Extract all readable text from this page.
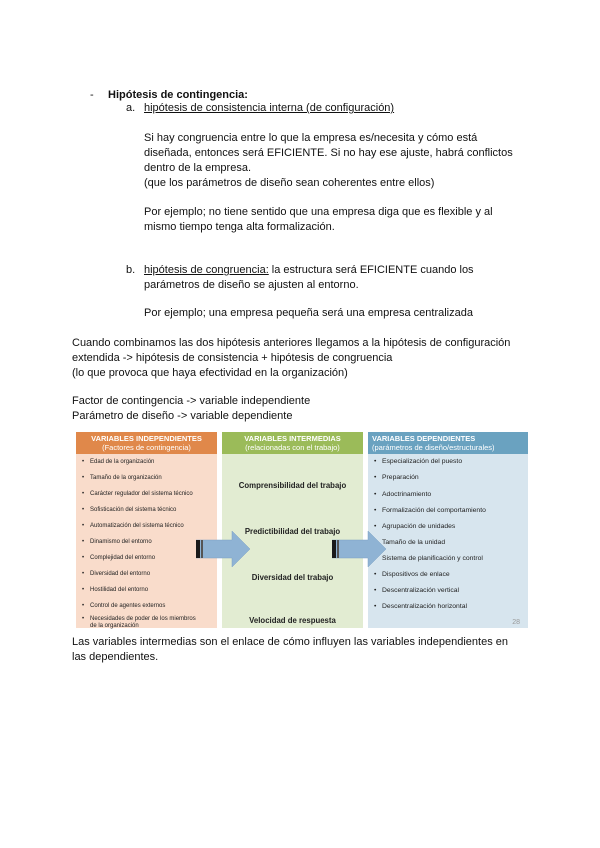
- Hipótesis de contingencia:
a. hipótesis de consistencia interna (de configuración)
Si hay congruencia entre lo que la empresa es/necesita y cómo está
diseñada, entonces será EFICIENTE. Si no hay ese ajuste, habrá conflictos
dentro de la empresa.
(que los parámetros de diseño sean coherentes entre ellos)
Por ejemplo; no tiene sentido que una empresa diga que es flexible y al
mismo tiempo tenga alta formalización.
b. hipótesis de congruencia: la estructura será EFICIENTE cuando los
parámetros de diseño se ajusten al entorno.
Por ejemplo; una empresa pequeña será una empresa centralizada
Cuando combinamos las dos hipótesis anteriores llegamos a la hipótesis de configuración
extendida -> hipótesis de consistencia + hipótesis de congruencia
(lo que provoca que haya efectividad en la organización)
Factor de contingencia -> variable independiente
Parámetro de diseño -> variable dependiente
VARIABLES INDEPENDIENTES
(Factores de contingencia)
• Edad de la organización
• Tamaño de la organización
• Carácter regulador del sistema técnico
• Sofisticación del sistema técnico
• Automatización del sistema técnico
• Dinamismo del entorno
• Complejidad del entorno
• Diversidad del entorno
• Hostilidad del entorno
• Control de agentes externos
• Necesidades de poder de los miembros
de la organización
VARIABLES INTERMEDIAS
(relacionadas con el trabajo)
Comprensibilidad del trabajo
Predictibilidad del trabajo
Diversidad del trabajo
Velocidad de respuesta
VARIABLES DEPENDIENTES
(parámetros de diseño/estructurales)
• Especialización del puesto
• Preparación
• Adoctrinamiento
• Formalización del comportamiento
• Agrupación de unidades
• Tamaño de la unidad
• Sistema de planificación y control
• Dispositivos de enlace
• Descentralización vertical
• Descentralización horizontal
28
Las variables intermedias son el enlace de cómo influyen las variables independientes en
las dependientes.
